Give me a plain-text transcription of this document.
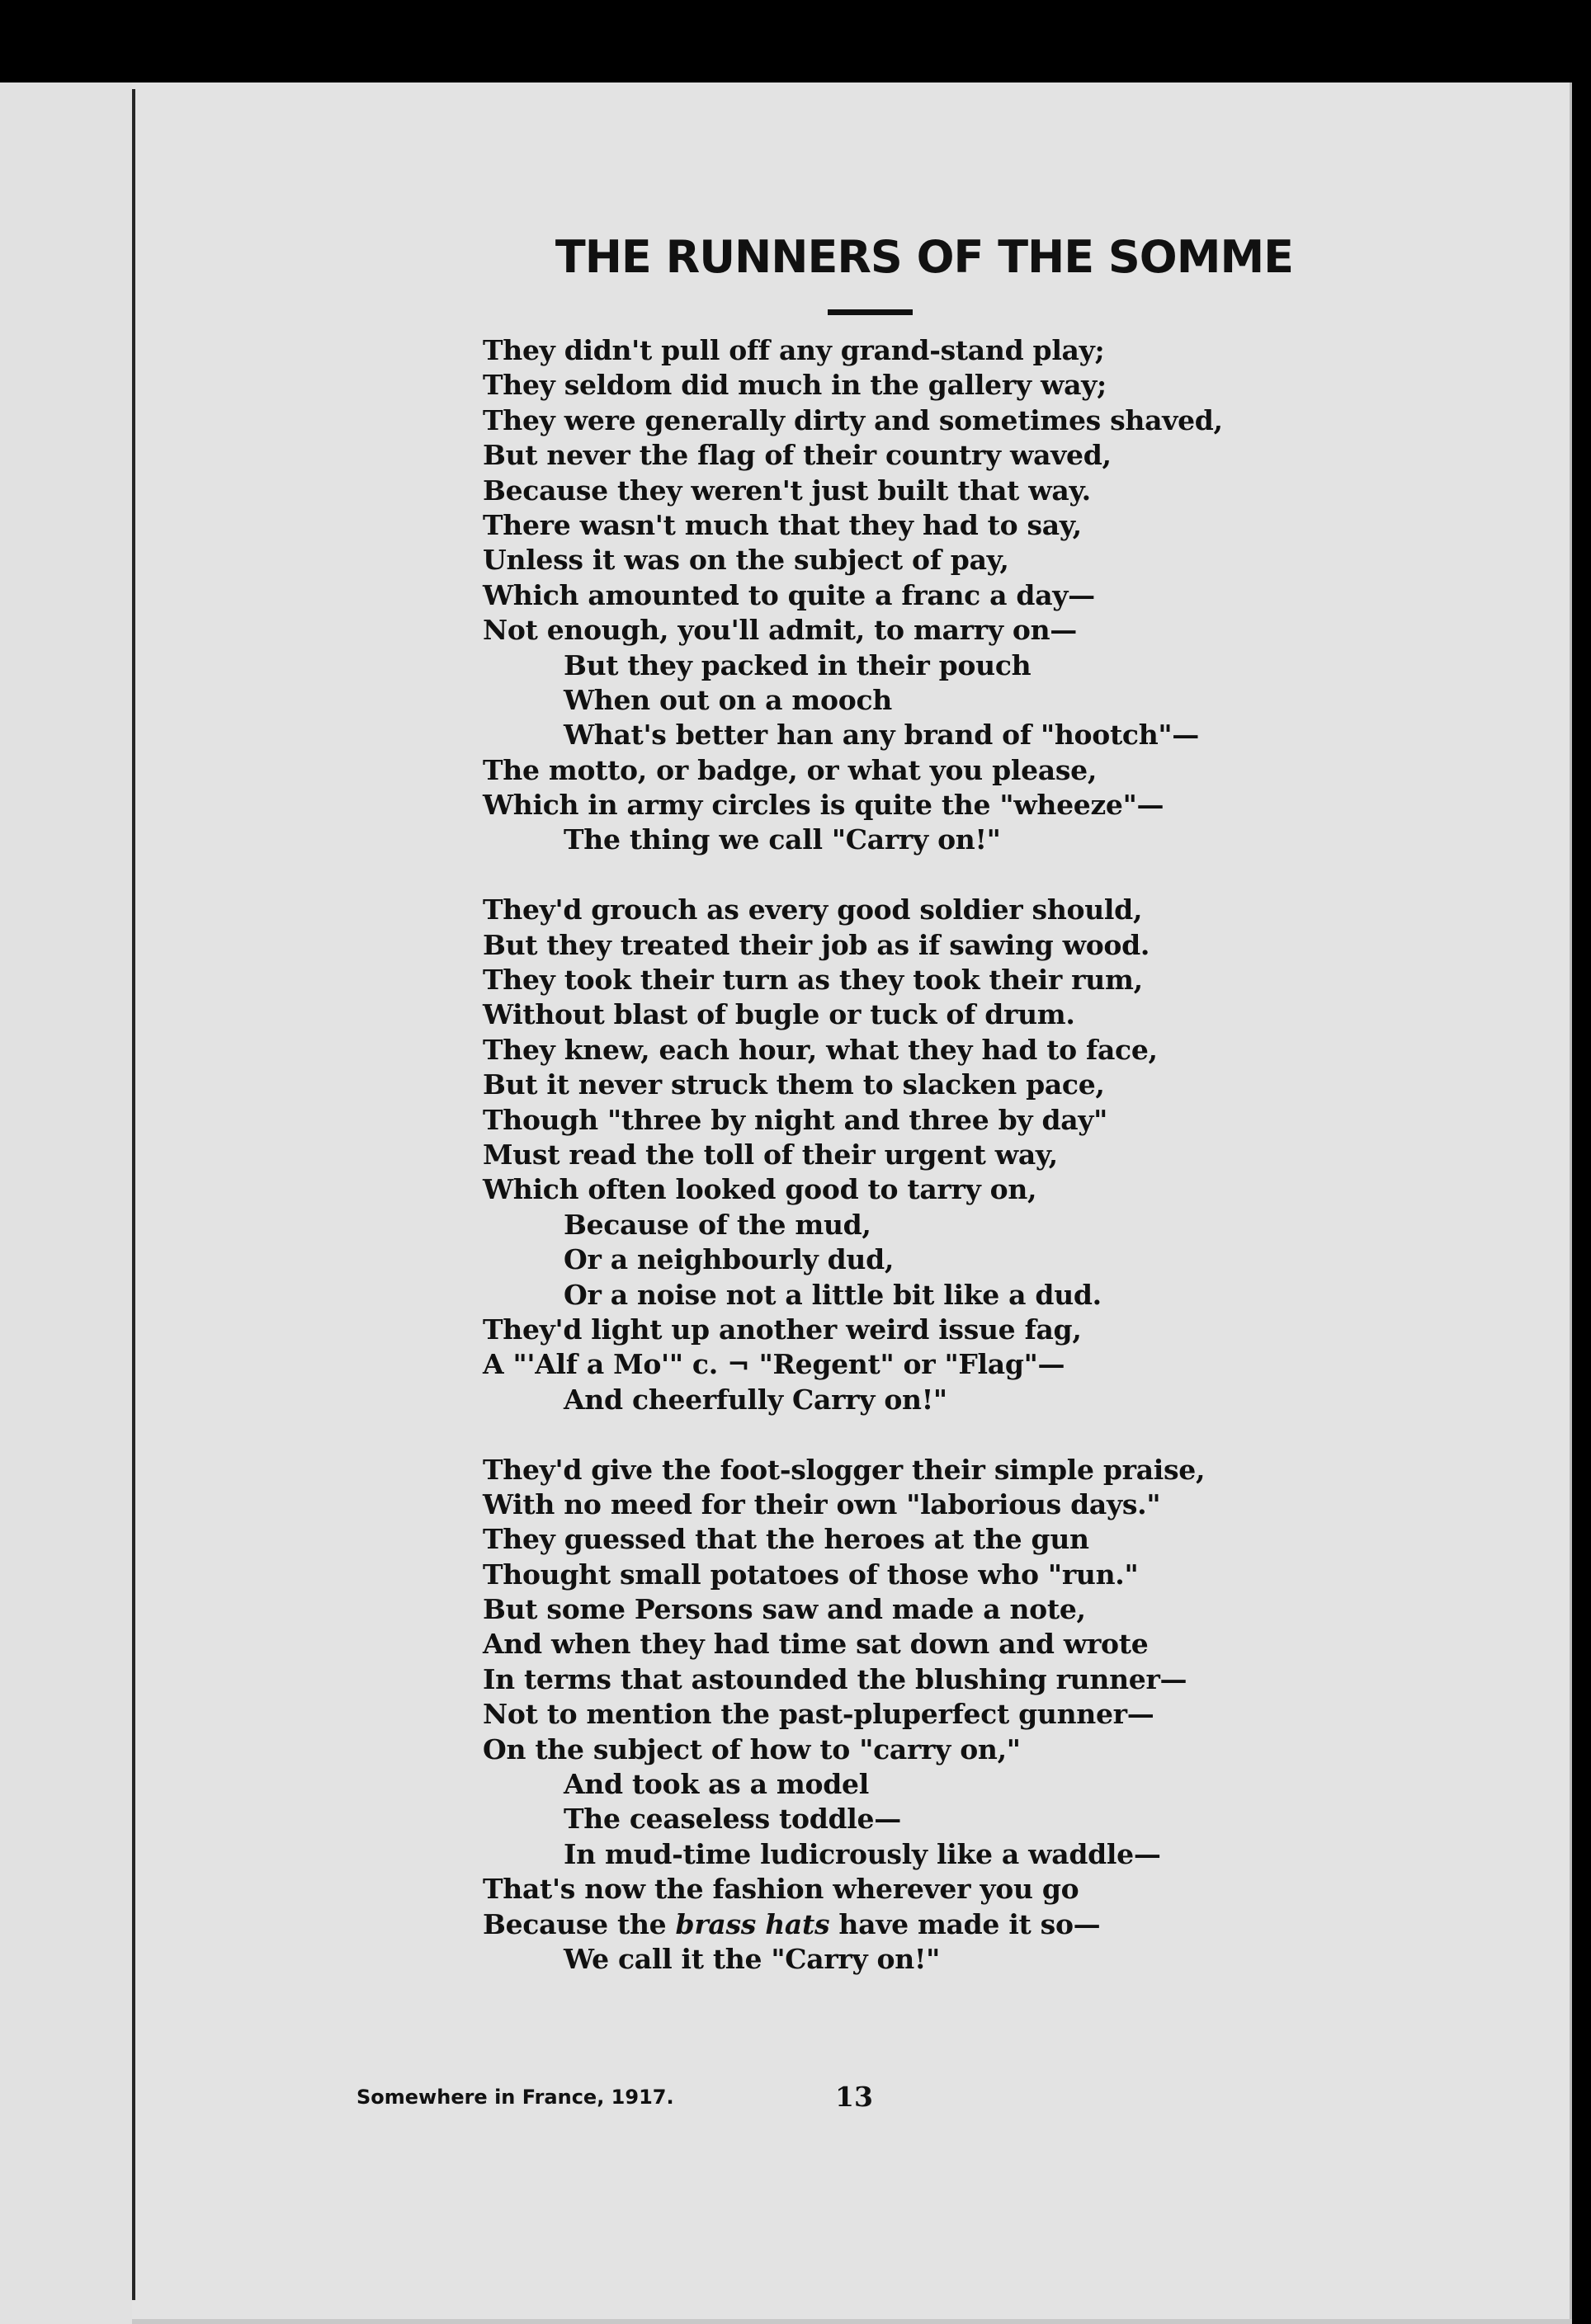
THE RUNNERS OF THE SOMME
They didn't pull off any grand-stand play;
They seldom did much in the gallery way;
They were generally dirty and sometimes shaved,
But never the flag of their country waved,
Because they weren't just built that way.
There wasn't much that they had to say,
Unless it was on the subject of pay,
Which amounted to quite a franc a day—
Not enough, you'll admit, to marry on—
But they packed in their pouch
When out on a mooch
What's better han any brand of "hootch"—
The motto, or badge, or what you please,
Which in army circles is quite the "wheeze"—
The thing we call "Carry on!"
They'd grouch as every good soldier should,
But they treated their job as if sawing wood.
They took their turn as they took their rum,
Without blast of bugle or tuck of drum.
They knew, each hour, what they had to face,
But it never struck them to slacken pace,
Though "three by night and three by day"
Must read the toll of their urgent way,
Which often looked good to tarry on,
Because of the mud,
Or a neighbourly dud,
Or a noise not a little bit like a dud.
They'd light up another weird issue fag,
A "'Alf a Mo'" c. ¬ "Regent" or "Flag"—
And cheerfully Carry on!"
They'd give the foot-slogger their simple praise,
With no meed for their own "laborious days."
They guessed that the heroes at the gun
Thought small potatoes of those who "run."
But some Persons saw and made a note,
And when they had time sat down and wrote
In terms that astounded the blushing runner—
Not to mention the past-pluperfect gunner—
On the subject of how to "carry on,"
And took as a model
The ceaseless toddle—
In mud-time ludicrously like a waddle—
That's now the fashion wherever you go
Because the brass hats have made it so—
We call it the "Carry on!"
Somewhere in France, 1917.	13
